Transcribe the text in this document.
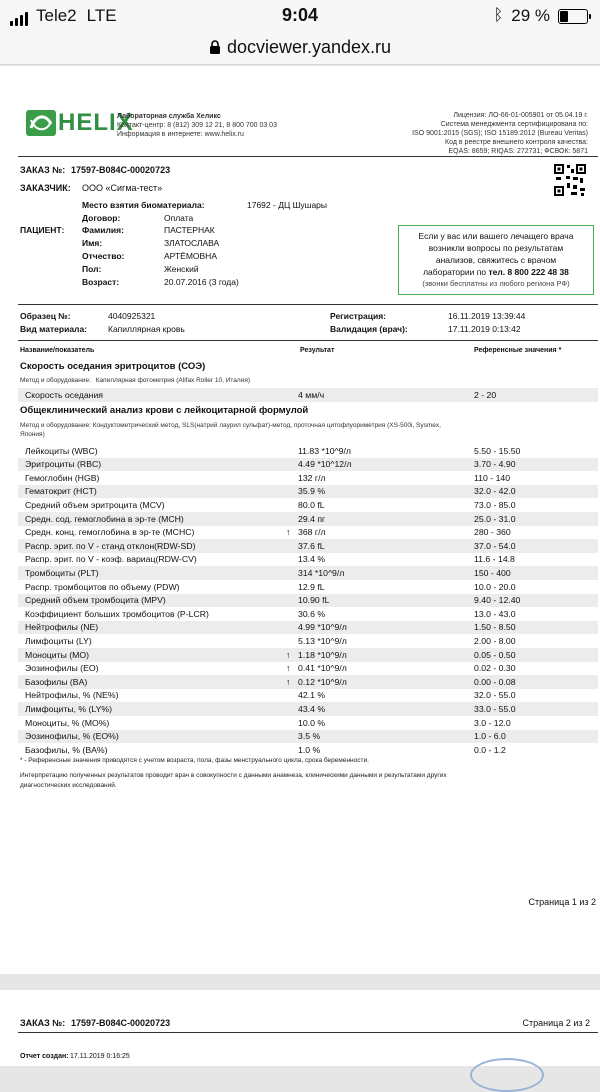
Tele2 LTE	9:04	ᛒ 29 %
docviewer.yandex.ru
HELIX
Лабораторная служба Хеликс
Контакт-центр: 8 (812) 309 12 21, 8 800 700 03 03
Информация в интернете: www.helix.ru
Лицензия: ЛО-66-01-005901 от 05.04.19 г.
Система менеджмента сертифицирована по:
ISO 9001:2015 (SGS); ISO 15189:2012 (Bureau Veritas)
Код в реестре внешнего контроля качества:
EQAS: 8659; RIQAS: 272731; ФСВОК: 5871
ЗАКАЗ №: 17597-B084C-00020723
ЗАКАЗЧИК: ООО «Сигма-тест»
ПАЦИЕНТ:
Место взятия биоматериала:	17692 - ДЦ Шушары
Договор:	Оплата
Фамилия:	ПАСТЕРНАК
Имя:	ЗЛАТОСЛАВА
Отчество:	АРТЁМОВНА
Пол:	Женский
Возраст:	20.07.2016 (3 года)
Если у вас или вашего лечащего врача
возникли вопросы по результатам
анализов, свяжитесь с врачом
лаборатории по тел. 8 800 222 48 38
(звонки бесплатны из любого региона РФ)
Образец №:	4040925321
Вид материала: Капиллярная кровь
Регистрация:	16.11.2019 13:39:44
Валидация (врач):	17.11.2019 0:13:42
Название/показатель	Результат	Референсные значения *
Скорость оседания эритроцитов (СОЭ)
Метод и оборудование: Капиллярная фотометрия (Alifax Roller 10, Италия)
Скорость оседания	4 мм/ч	2 - 20
Общеклинический анализ крови с лейкоцитарной формулой
Метод и оборудование: Кондуктометрический метод, SLS(натрий лаурил сульфат)-метод, проточная цитофлуориметрия (XS-500i, Sysmex,
Япония)
Лейкоциты (WBC)	11.83 *10^9/л	5.50 - 15.50
Эритроциты (RBC)	4.49 *10^12/л	3.70 - 4.90
Гемоглобин (HGB)	132 г/л	110 - 140
Гематокрит (HCT)	35.9 %	32.0 - 42.0
Средний объем эритроцита (MCV)	80.0 fL	73.0 - 85.0
Средн. сод. гемоглобина в эр-те (MCH)	29.4 пг	25.0 - 31.0
Средн. конц. гемоглобина в эр-те (MCHC)	↑ 368 г/л	280 - 360
Распр. эрит. по V - станд отклон(RDW-SD)	37.6 fL	37.0 - 54.0
Распр. эрит. по V - коэф. вариац(RDW-CV)	13.4 %	11.6 - 14.8
Тромбоциты (PLT)	314 *10^9/л	150 - 400
Распр. тромбоцитов по объему (PDW)	12.9 fL	10.0 - 20.0
Средний объем тромбоцита (MPV)	10.90 fL	9.40 - 12.40
Коэффициент больших тромбоцитов (P-LCR)	30.6 %	13.0 - 43.0
Нейтрофилы (NE)	4.99 *10^9/л	1.50 - 8.50
Лимфоциты (LY)	5.13 *10^9/л	2.00 - 8.00
Моноциты (MO)	↑ 1.18 *10^9/л	0.05 - 0.50
Эозинофилы (EO)	↑ 0.41 *10^9/л	0.02 - 0.30
Базофилы (BA)	↑ 0.12 *10^9/л	0.00 - 0.08
Нейтрофилы, % (NE%)	42.1 %	32.0 - 55.0
Лимфоциты, % (LY%)	43.4 %	33.0 - 55.0
Моноциты, % (MO%)	10.0 %	3.0 - 12.0
Эозинофилы, % (EO%)	3.5 %	1.0 - 6.0
Базофилы, % (BA%)	1.0 %	0.0 - 1.2
* - Референсные значения приводятся с учетом возраста, пола, фазы менструального цикла, срока беременности.
Интерпретацию полученных результатов проводит врач в совокупности с данными анамнеза, клиническими данными и результатами других
диагностических исследований.
Страница 1 из 2
ЗАКАЗ №: 17597-B084C-00020723	Страница 2 из 2
Отчет создан: 17.11.2019 0:16:25
